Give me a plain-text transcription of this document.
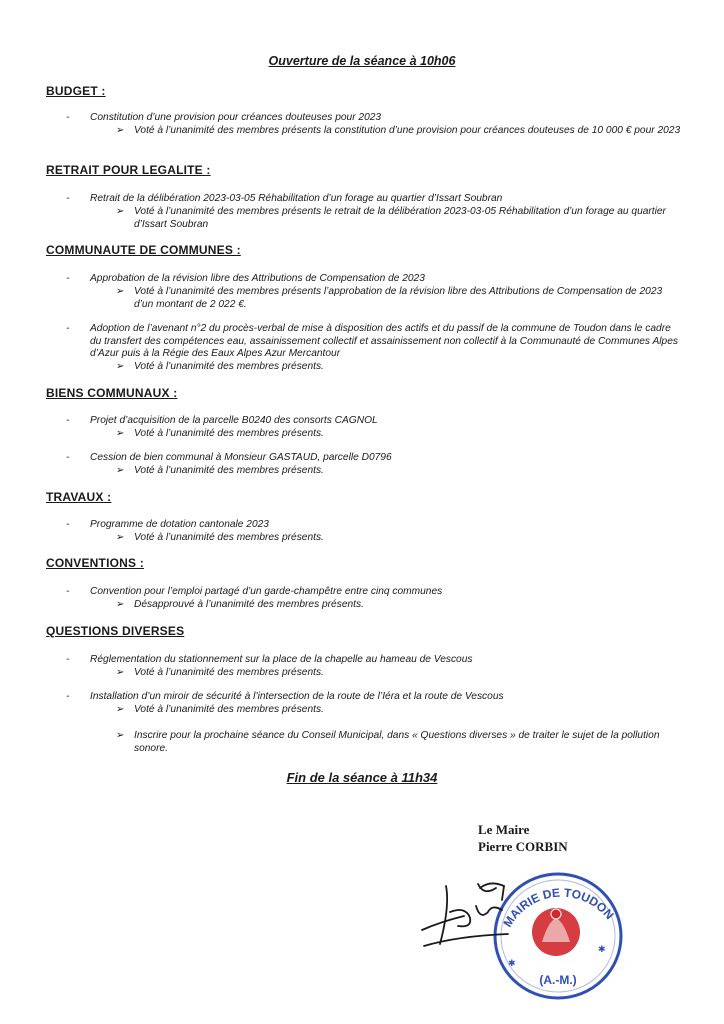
Ouverture de la séance à 10h06
BUDGET :
- Constitution d’une provision pour créances douteuses pour 2023
➢ Voté à l’unanimité des membres présents la constitution d’une provision pour créances douteuses de 10 000 € pour 2023
RETRAIT POUR LEGALITE :
- Retrait de la délibération 2023-03-05 Réhabilitation d’un forage au quartier d’Issart Soubran
➢ Voté à l’unanimité des membres présents le retrait de la délibération 2023-03-05 Réhabilitation d’un forage au quartier d’Issart Soubran
COMMUNAUTE DE COMMUNES :
- Approbation de la révision libre des Attributions de Compensation de 2023
➢ Voté à l’unanimité des membres présents l’approbation de la révision libre des Attributions de Compensation de 2023 d’un montant de 2 022 €.
- Adoption de l’avenant n°2 du procès-verbal de mise à disposition des actifs et du passif de la commune de Toudon dans le cadre du transfert des compétences eau, assainissement collectif et assainissement non collectif à la Communauté de Communes Alpes d’Azur puis à la Régie des Eaux Alpes Azur Mercantour
➢ Voté à l’unanimité des membres présents.
BIENS COMMUNAUX :
- Projet d’acquisition de la parcelle B0240 des consorts CAGNOL
➢ Voté à l’unanimité des membres présents.
- Cession de bien communal à Monsieur GASTAUD, parcelle D0796
➢ Voté à l’unanimité des membres présents.
TRAVAUX :
- Programme de dotation cantonale 2023
➢ Voté à l’unanimité des membres présents.
CONVENTIONS :
- Convention pour l’emploi partagé d’un garde-champêtre entre cinq communes
➢ Désapprouvé à l’unanimité des membres présents.
QUESTIONS DIVERSES
- Réglementation du stationnement sur la place de la chapelle au hameau de Vescous
➢ Voté à l’unanimité des membres présents.
- Installation d’un miroir de sécurité à l’intersection de la route de l’Iéra et la route de Vescous
➢ Voté à l’unanimité des membres présents.
➢ Inscrire pour la prochaine séance du Conseil Municipal, dans « Questions diverses » de traiter le sujet de la pollution sonore.
Fin de la séance à 11h34
Le Maire
Pierre CORBIN
MAIRIE DE TOUDON
✱
✱
(A.-M.)
